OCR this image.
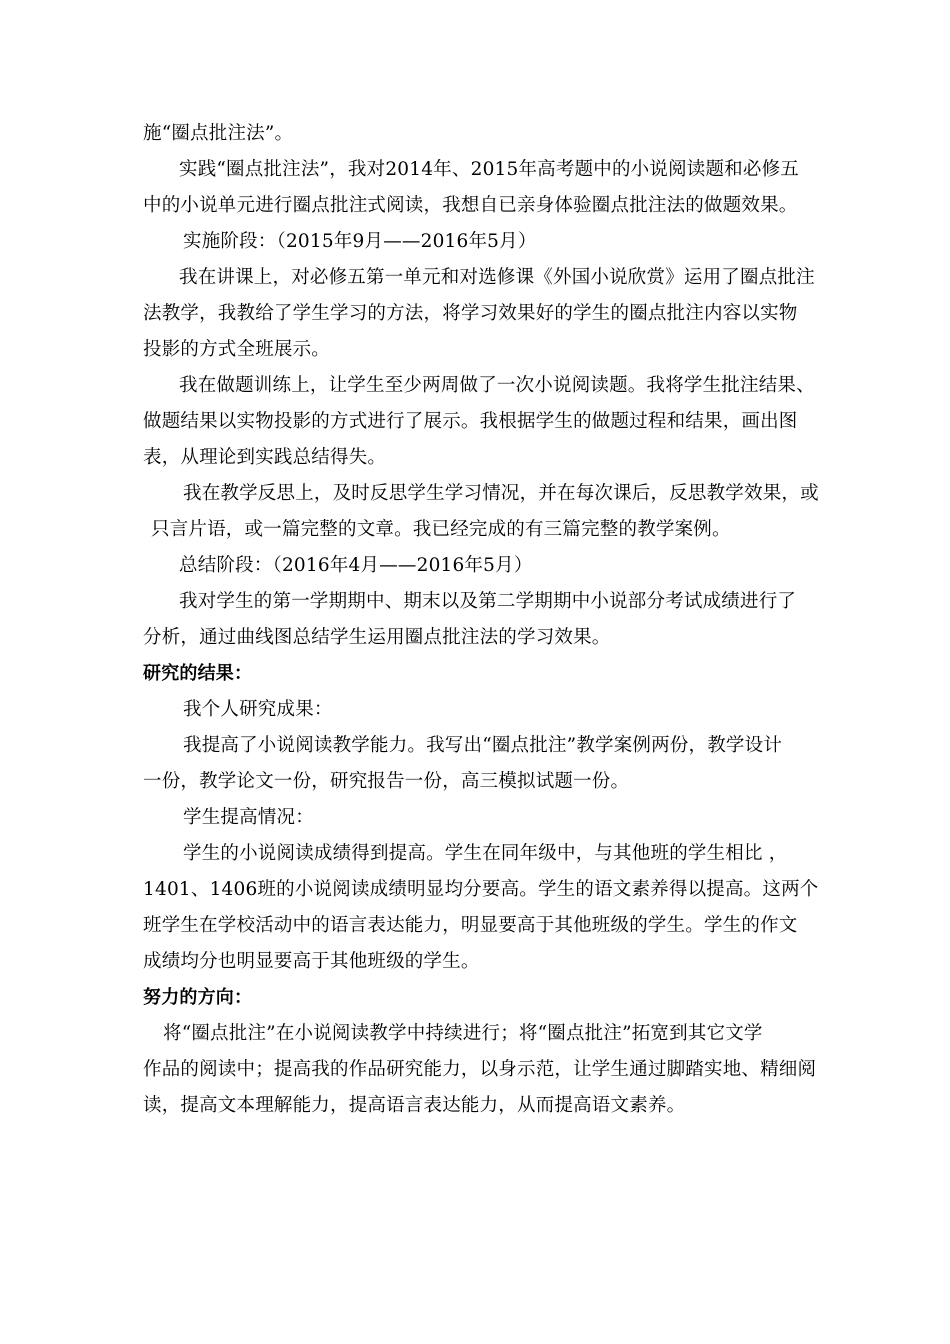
施“圈点批注法”。
实践“圈点批注法”，我对2014年、2015年高考题中的小说阅读题和必修五
中的小说单元进行圈点批注式阅读，我想自已亲身体验圈点批注法的做题效果。
实施阶段：（2015年9月——2016年5月）
我在讲课上，对必修五第一单元和对选修课《外国小说欣赏》运用了圈点批注
法教学，我教给了学生学习的方法，将学习效果好的学生的圈点批注内容以实物
投影的方式全班展示。
我在做题训练上，让学生至少两周做了一次小说阅读题。我将学生批注结果、
做题结果以实物投影的方式进行了展示。我根据学生的做题过程和结果，画出图
表，从理论到实践总结得失。
我在教学反思上，及时反思学生学习情况，并在每次课后，反思教学效果，或
只言片语，或一篇完整的文章。我已经完成的有三篇完整的教学案例。
总结阶段：（2016年4月——2016年5月）
我对学生的第一学期期中、期末以及第二学期期中小说部分考试成绩进行了
分析，通过曲线图总结学生运用圈点批注法的学习效果。
研究的结果：
我个人研究成果：
我提高了小说阅读教学能力。我写出“圈点批注”教学案例两份，教学设计
一份，教学论文一份，研究报告一份，高三模拟试题一份。
学生提高情况：
学生的小说阅读成绩得到提高。学生在同年级中，与其他班的学生相比 ，
1401、1406班的小说阅读成绩明显均分要高。学生的语文素养得以提高。这两个
班学生在学校活动中的语言表达能力，明显要高于其他班级的学生。学生的作文
成绩均分也明显要高于其他班级的学生。
努力的方向：
将“圈点批注”在小说阅读教学中持续进行；将“圈点批注”拓宽到其它文学
作品的阅读中；提高我的作品研究能力，以身示范，让学生通过脚踏实地、精细阅
读，提高文本理解能力，提高语言表达能力，从而提高语文素养。
